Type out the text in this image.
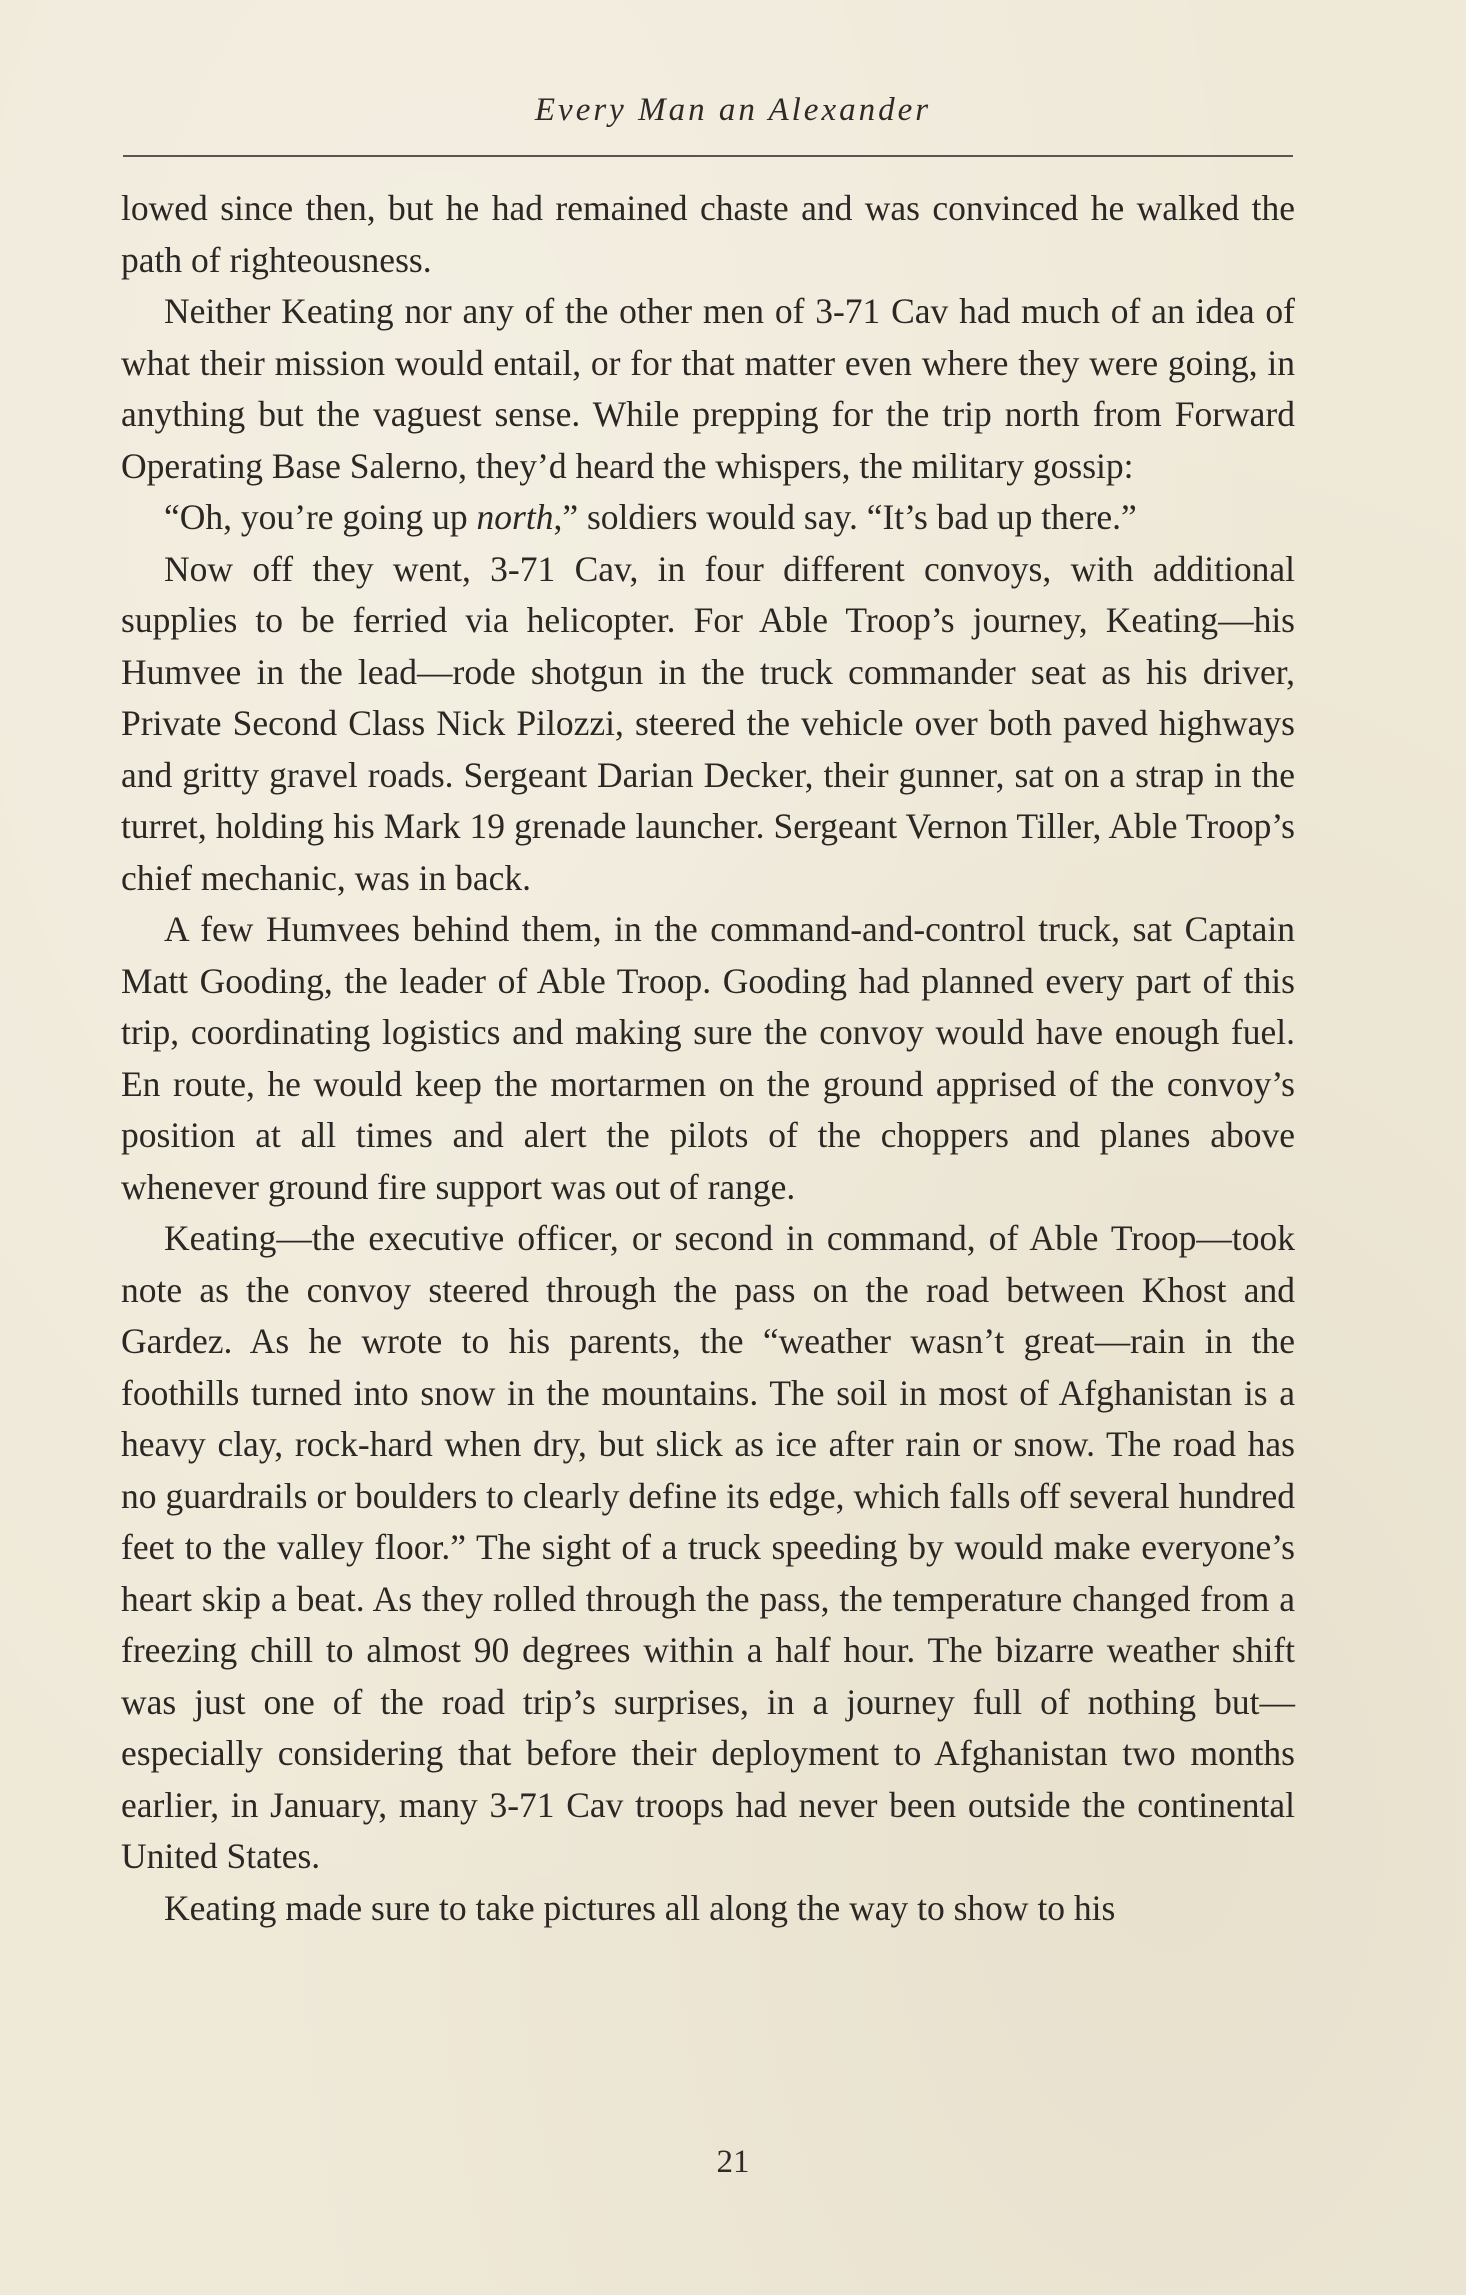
Every Man an Alexander

lowed since then, but he had remained chaste and was convinced he walked the path of righteousness.

Neither Keating nor any of the other men of 3-71 Cav had much of an idea of what their mission would entail, or for that matter even where they were going, in anything but the vaguest sense. While prepping for the trip north from Forward Operating Base Salerno, they’d heard the whispers, the military gossip:

“Oh, you’re going up north,” soldiers would say. “It’s bad up there.”

Now off they went, 3-71 Cav, in four different convoys, with additional supplies to be ferried via helicopter. For Able Troop’s journey, Keating—his Humvee in the lead—rode shotgun in the truck commander seat as his driver, Private Second Class Nick Pilozzi, steered the vehicle over both paved highways and gritty gravel roads. Sergeant Darian Decker, their gunner, sat on a strap in the turret, holding his Mark 19 grenade launcher. Sergeant Vernon Tiller, Able Troop’s chief mechanic, was in back.

A few Humvees behind them, in the command-and-control truck, sat Captain Matt Gooding, the leader of Able Troop. Gooding had planned every part of this trip, coordinating logistics and making sure the convoy would have enough fuel. En route, he would keep the mortarmen on the ground apprised of the convoy’s position at all times and alert the pilots of the choppers and planes above whenever ground fire support was out of range.

Keating—the executive officer, or second in command, of Able Troop—took note as the convoy steered through the pass on the road between Khost and Gardez. As he wrote to his parents, the “weather wasn’t great—rain in the foothills turned into snow in the mountains. The soil in most of Afghanistan is a heavy clay, rock-hard when dry, but slick as ice after rain or snow. The road has no guardrails or boulders to clearly define its edge, which falls off several hundred feet to the valley floor.” The sight of a truck speeding by would make everyone’s heart skip a beat. As they rolled through the pass, the temperature changed from a freezing chill to almost 90 degrees within a half hour. The bizarre weather shift was just one of the road trip’s surprises, in a journey full of nothing but—especially considering that before their deployment to Afghanistan two months earlier, in January, many 3-71 Cav troops had never been outside the continental United States.

Keating made sure to take pictures all along the way to show to his

21
